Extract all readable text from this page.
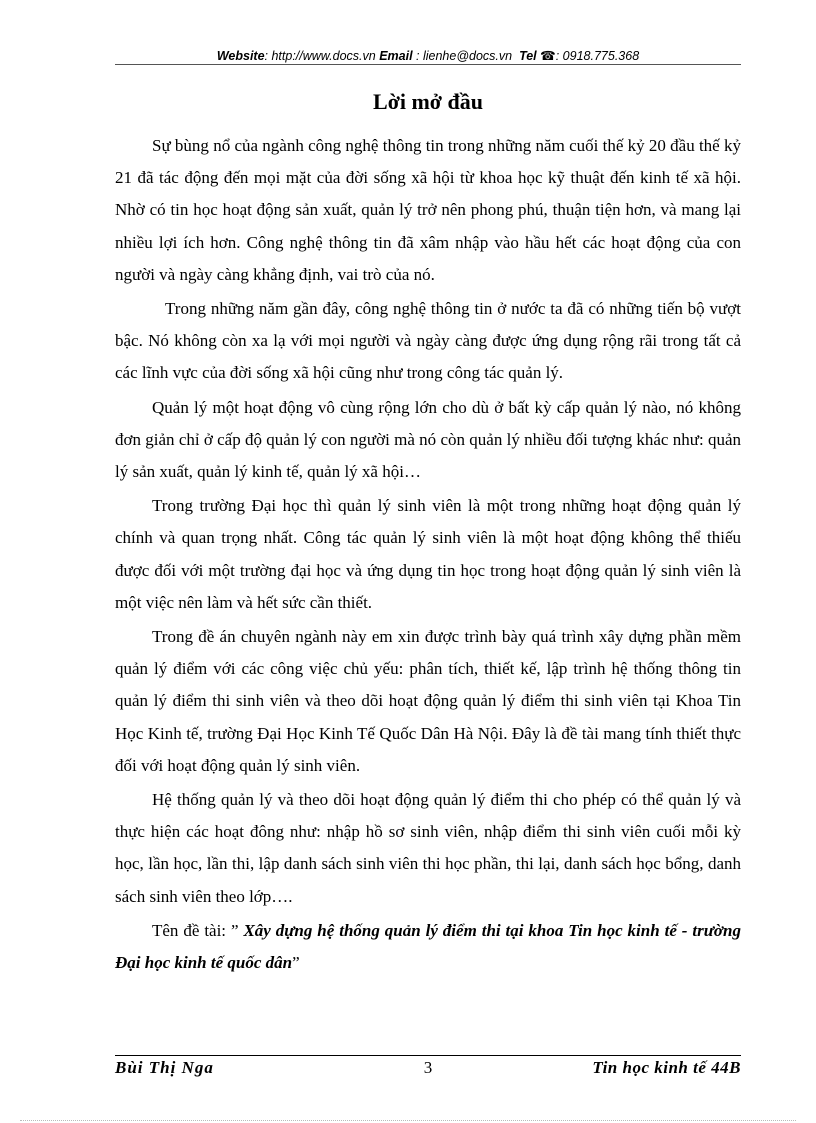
Website: http://www.docs.vn Email : lienhe@docs.vn Tel ☎: 0918.775.368
Lời mở đầu

Sự bùng nổ của ngành công nghệ thông tin trong những năm cuối thế kỷ 20 đầu thế kỷ 21 đã tác động đến mọi mặt của đời sống xã hội từ khoa học kỹ thuật đến kinh tế xã hội. Nhờ có tin học hoạt động sản xuất, quản lý trở nên phong phú, thuận tiện hơn, và mang lại nhiều lợi ích hơn. Công nghệ thông tin đã xâm nhập vào hầu hết các hoạt động của con người và ngày càng khẳng định, vai trò của nó.

Trong những năm gần đây, công nghệ thông tin ở nước ta đã có những tiến bộ vượt bậc. Nó không còn xa lạ với mọi người và ngày càng được ứng dụng rộng rãi trong tất cả các lĩnh vực của đời sống xã hội cũng như trong công tác quản lý.

Quản lý một hoạt động vô cùng rộng lớn cho dù ở bất kỳ cấp quản lý nào, nó không đơn giản chỉ ở cấp độ quản lý con người mà nó còn quản lý nhiều đối tượng khác như: quản lý sản xuất, quản lý kinh tế, quản lý xã hội…

Trong trường Đại học thì quản lý sinh viên là một trong những hoạt động quản lý chính và quan trọng nhất. Công tác quản lý sinh viên là một hoạt động không thể thiếu được đối với một trường đại học và ứng dụng tin học trong hoạt động quản lý sinh viên là một việc nên làm và hết sức cần thiết.

Trong đề án chuyên ngành này em xin được trình bày quá trình xây dựng phần mềm quản lý điểm với các công việc chủ yếu: phân tích, thiết kế, lập trình hệ thống thông tin quản lý điểm thi sinh viên và theo dõi hoạt động quản lý điểm thi sinh viên tại Khoa Tin Học Kinh tế, trường Đại Học Kinh Tế Quốc Dân Hà Nội. Đây là đề tài mang tính thiết thực đối với hoạt động quản lý sinh viên.

Hệ thống quản lý và theo dõi hoạt động quản lý điểm thi cho phép có thể quản lý và thực hiện các hoạt đông như: nhập hồ sơ sinh viên, nhập điểm thi sinh viên cuối mỗi kỳ học, lần học, lần thi, lập danh sách sinh viên thi học phần, thi lại, danh sách học bổng, danh sách sinh viên theo lớp….

Tên đề tài: ” Xây dựng hệ thống quản lý điểm thi tại khoa Tin học kinh tế - trường Đại học kinh tế quốc dân”

Bùi Thị Nga	3	Tin học kinh tế 44B
